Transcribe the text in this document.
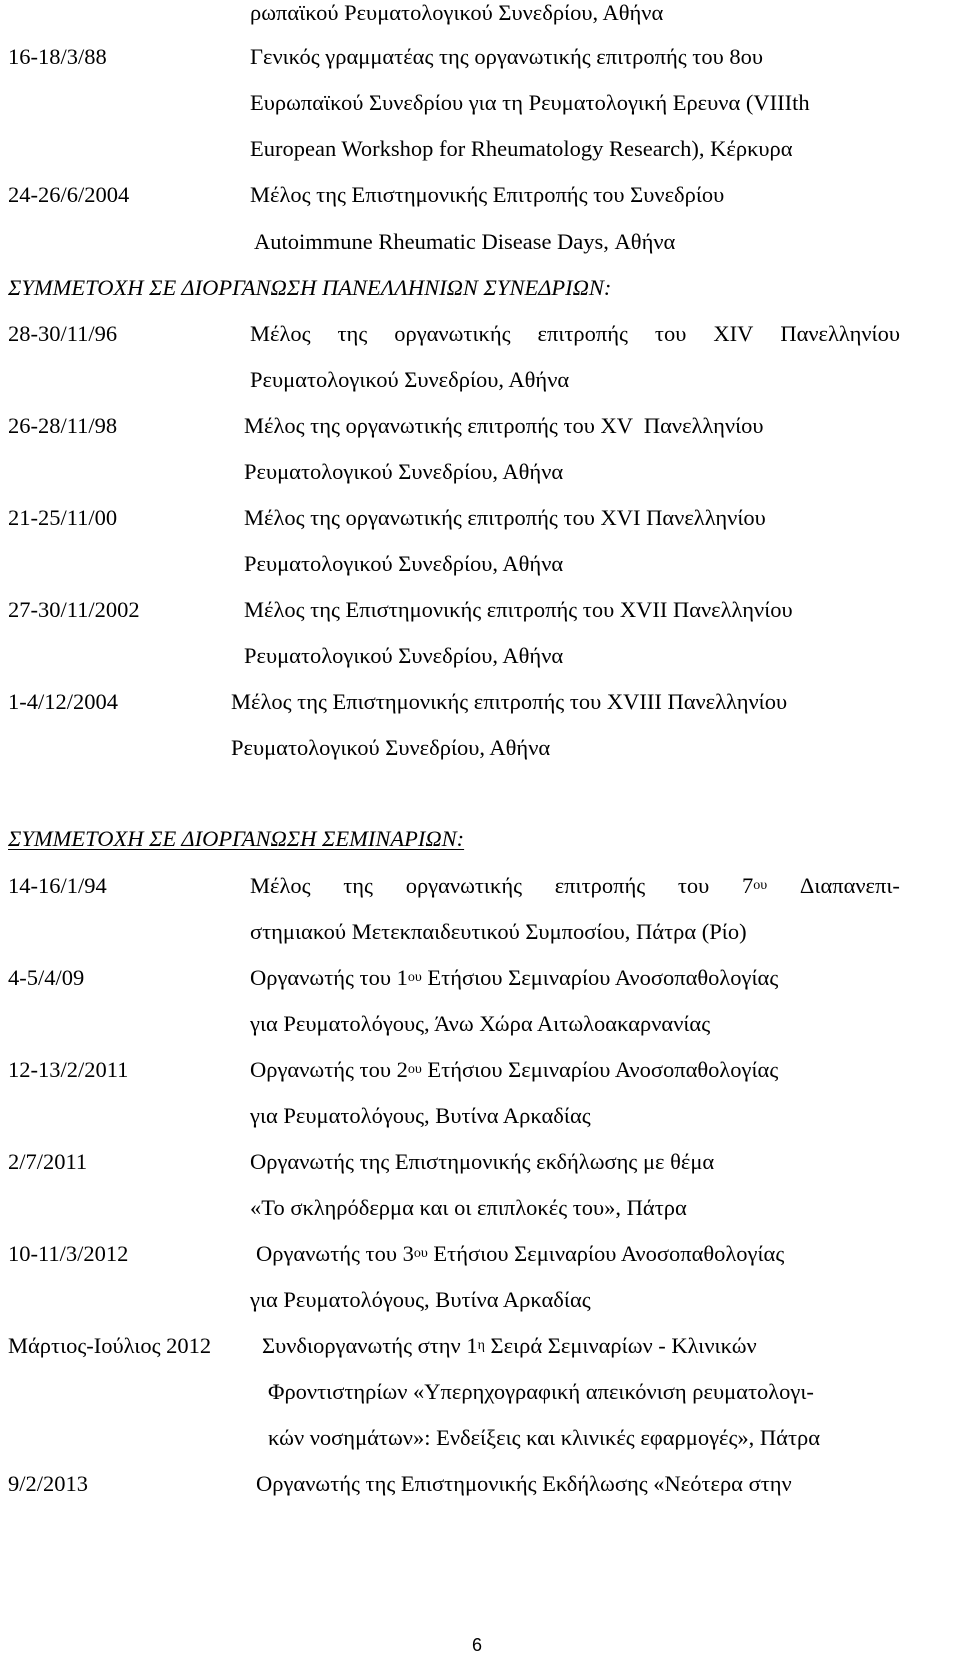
ρωπαϊκού Ρευματολογικού Συνεδρίου, Αθήνα
16-18/3/88	Γενικός γραμματέας της οργανωτικής επιτροπής του 8ου
Ευρωπαϊκού Συνεδρίου για τη Ρευματολογική Ερευνα (VIIIth
European Workshop for Rheumatology Research), Κέρκυρα
24-26/6/2004	Μέλος της Επιστημονικής Επιτροπής του Συνεδρίου
Autoimmune Rheumatic Disease Days, Αθήνα
ΣΥΜΜΕΤΟΧΗ ΣΕ ΔΙΟΡΓΑΝΩΣΗ ΠΑΝΕΛΛΗΝΙΩΝ ΣΥΝΕΔΡΙΩΝ:
28-30/11/96	Μέλος της οργανωτικής επιτροπής του XIV Πανελληνίου
Ρευματολογικού Συνεδρίου, Αθήνα
26-28/11/98	Μέλος της οργανωτικής επιτροπής του XV  Πανελληνίου
Ρευματολογικού Συνεδρίου, Αθήνα
21-25/11/00	Μέλος της οργανωτικής επιτροπής του XVI Πανελληνίου
Ρευματολογικού Συνεδρίου, Αθήνα
27-30/11/2002	Μέλος της Επιστημονικής επιτροπής του XVII Πανελληνίου
Ρευματολογικού Συνεδρίου, Αθήνα
1-4/12/2004	Μέλος της Επιστημονικής επιτροπής του XVIII Πανελληνίου
Ρευματολογικού Συνεδρίου, Αθήνα
ΣΥΜΜΕΤΟΧΗ ΣΕ ΔΙΟΡΓΑΝΩΣΗ ΣΕΜΙΝΑΡΙΩΝ:
14-16/1/94	Μέλος της οργανωτικής επιτροπής του $7^{o\upsilon}$ Διαπανεπι-
στημιακού Μετεκπαιδευτικού Συμποσίου, Πάτρα (Ρίο)
4-5/4/09	Οργανωτής του $1^{o\upsilon}$ Ετήσιου Σεμιναρίου Ανοσοπαθολογίας
για Ρευματολόγους, Άνω Χώρα Αιτωλοακαρνανίας
12-13/2/2011	Οργανωτής του $2^{o\upsilon}$ Ετήσιου Σεμιναρίου Ανοσοπαθολογίας
για Ρευματολόγους, Βυτίνα Αρκαδίας
2/7/2011	Οργανωτής της Επιστημονικής εκδήλωσης με θέμα
«Το σκληρόδερμα και οι επιπλοκές του», Πάτρα
10-11/3/2012	Οργανωτής του $3^{o\upsilon}$ Ετήσιου Σεμιναρίου Ανοσοπαθολογίας
για Ρευματολόγους, Βυτίνα Αρκαδίας
Μάρτιος-Ιούλιος 2012 Συνδιοργανωτής στην $1^\eta$ Σειρά Σεμιναρίων - Κλινικών
Φροντιστηρίων «Υπερηχογραφική απεικόνιση ρευματολογι-
κών νοσημάτων»: Ενδείξεις και κλινικές εφαρμογές», Πάτρα
9/2/2013	Οργανωτής της Επιστημονικής Εκδήλωσης «Νεότερα στην
6
